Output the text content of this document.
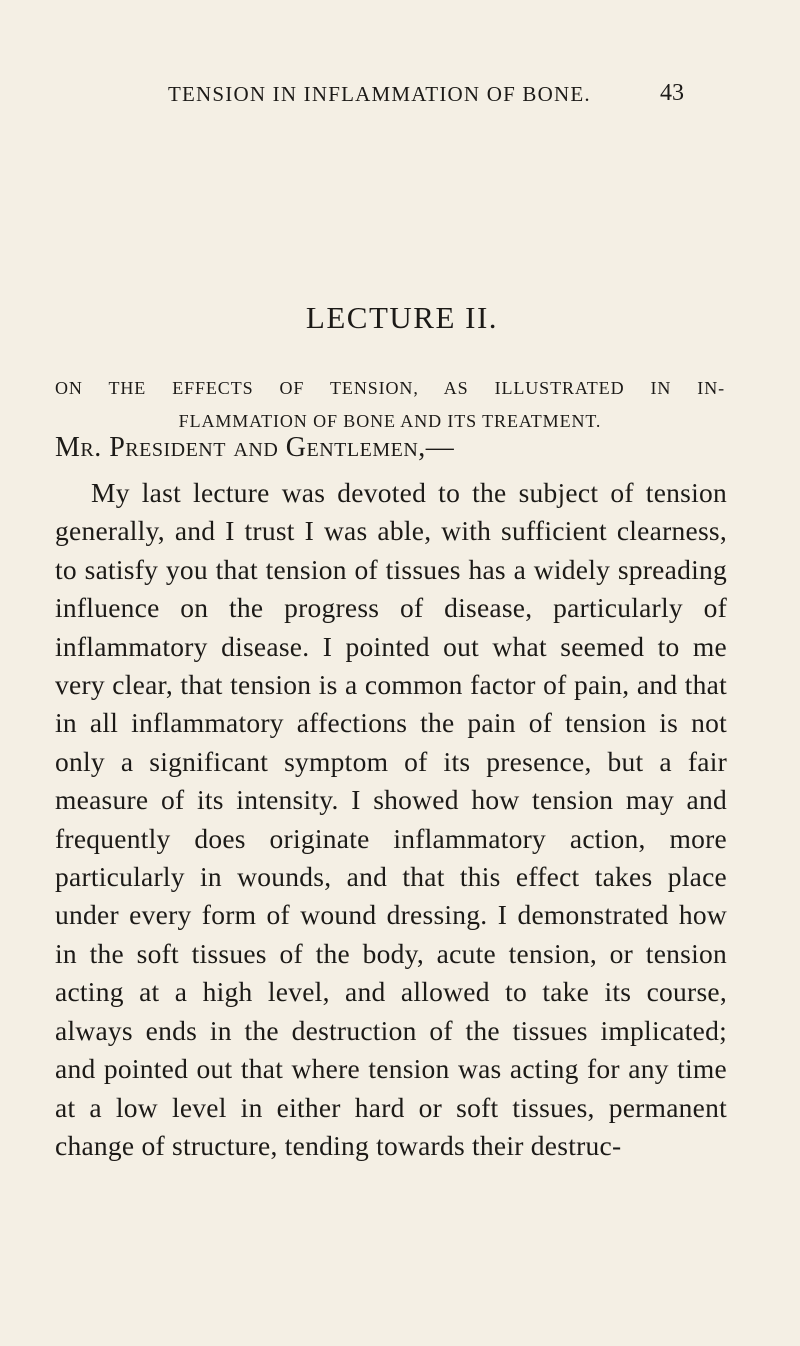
TENSION IN INFLAMMATION OF BONE.	43
LECTURE II.
ON THE EFFECTS OF TENSION, AS ILLUSTRATED IN IN-
FLAMMATION OF BONE AND ITS TREATMENT.
Mr. President and Gentlemen,—

My last lecture was devoted to the subject of tension generally, and I trust I was able, with sufficient clearness, to satisfy you that tension of tissues has a widely spreading influence on the progress of disease, particularly of inflammatory disease. I pointed out what seemed to me very clear, that tension is a common factor of pain, and that in all inflammatory affections the pain of tension is not only a significant symptom of its presence, but a fair measure of its intensity. I showed how tension may and frequently does originate inflammatory action, more particularly in wounds, and that this effect takes place under every form of wound dressing. I demonstrated how in the soft tissues of the body, acute tension, or tension acting at a high level, and allowed to take its course, always ends in the destruction of the tissues implicated; and pointed out that where tension was acting for any time at a low level in either hard or soft tissues, permanent change of structure, tending towards their destruc-
